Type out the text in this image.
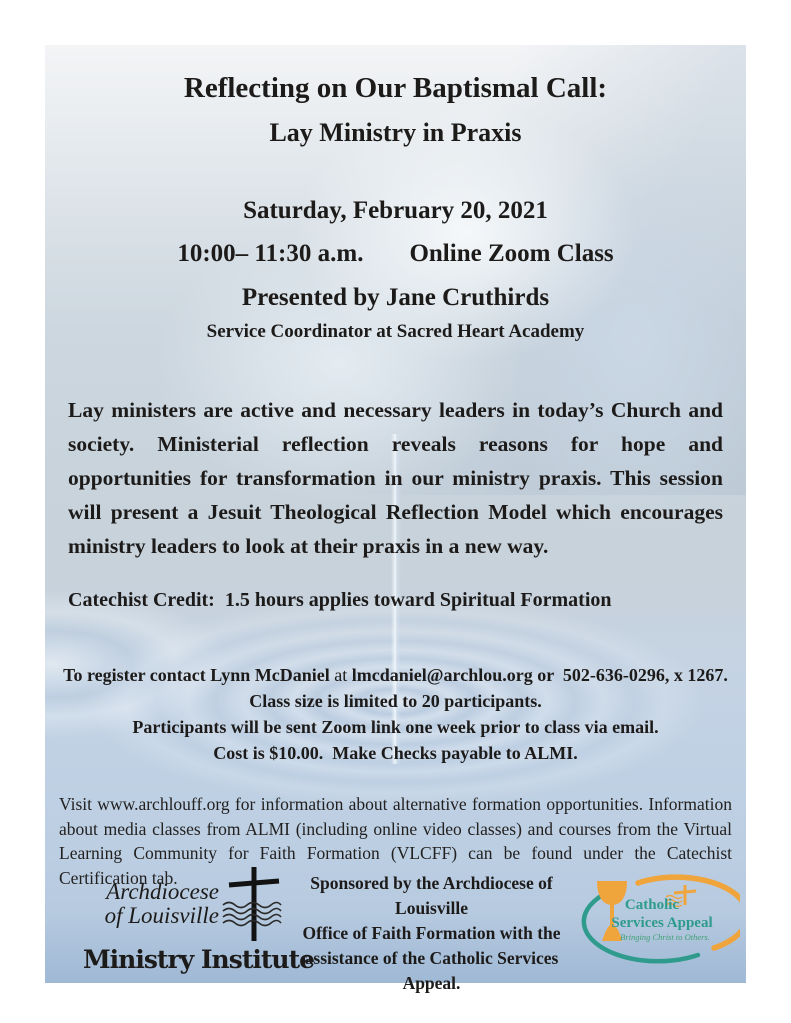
Reflecting on Our Baptismal Call:
Lay Ministry in Praxis
Saturday, February 20, 2021
10:00– 11:30 a.m. Online Zoom Class
Presented by Jane Cruthirds
Service Coordinator at Sacred Heart Academy
Lay ministers are active and necessary leaders in today’s Church and society. Ministerial reflection reveals reasons for hope and opportunities for transformation in our ministry praxis. This session will present a Jesuit Theological Reflection Model which encourages ministry leaders to look at their praxis in a new way.
Catechist Credit:  1.5 hours applies toward Spiritual Formation
To register contact Lynn McDaniel at lmcdaniel@archlou.org or  502-636-0296, x 1267.
Class size is limited to 20 participants.
Participants will be sent Zoom link one week prior to class via email.
Cost is $10.00.  Make Checks payable to ALMI.
Visit www.archlouff.org for information about alternative formation opportunities. Information about media classes from ALMI (including online video classes) and courses from the Virtual Learning Community for Faith Formation (VLCFF) can be found under the Catechist Certification tab.
Archdiocese
of Louisville
Ministry Institute
Sponsored by the Archdiocese of Louisville
Office of Faith Formation with the
assistance of the Catholic Services Appeal.
Catholic
Services Appeal
Bringing Christ to Others.
